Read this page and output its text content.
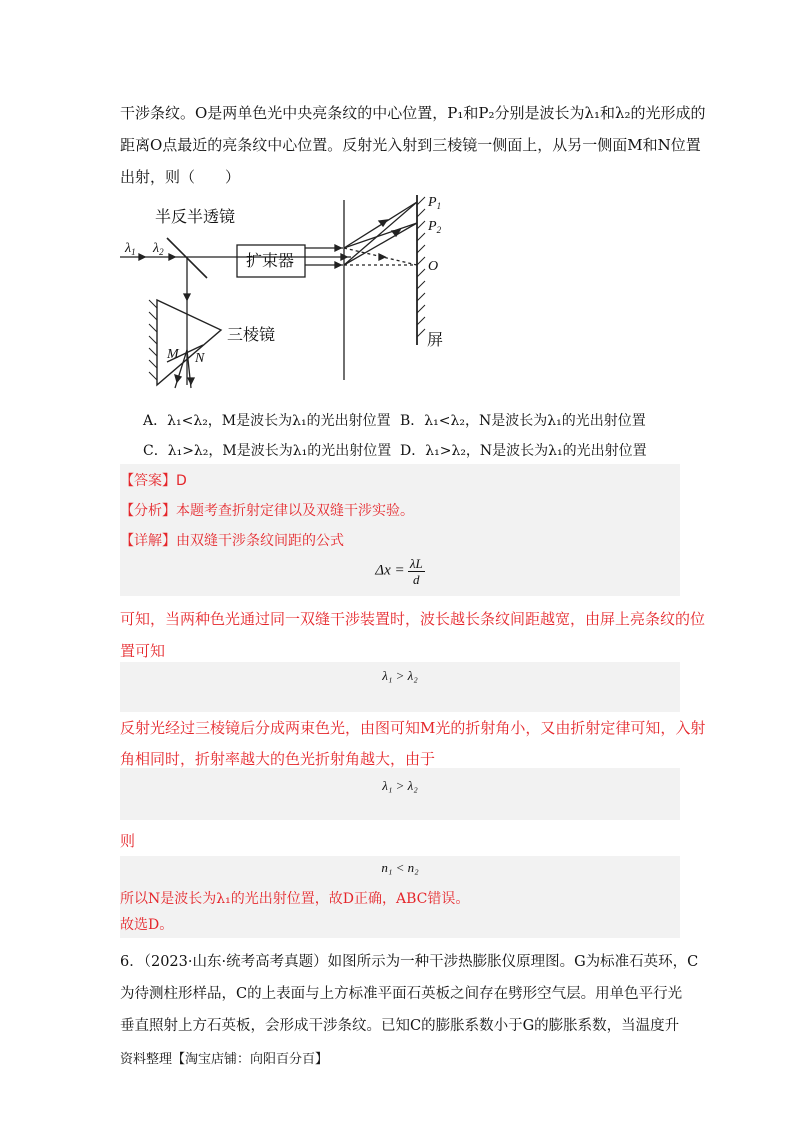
干涉条纹。O是两单色光中央亮条纹的中心位置，P₁和P₂分别是波长为λ₁和λ₂的光形成的
距离O点最近的亮条纹中心位置。反射光入射到三棱镜一侧面上，从另一侧面M和N位置
出射，则（　　）
$\lambda_1$ $\lambda_2$
半反半透镜
扩束器
三棱镜
M N
$P_1$
$P_2$
O
屏
A．λ₁<λ₂，M是波长为λ₁的光出射位置 B．λ₁<λ₂，N是波长为λ₁的光出射位置
C．λ₁>λ₂，M是波长为λ₁的光出射位置 D．λ₁>λ₂，N是波长为λ₁的光出射位置
【答案】D
【分析】本题考查折射定律以及双缝干涉实验。
【详解】由双缝干涉条纹间距的公式
$\Delta x = \frac{\lambda L}{d}$
可知，当两种色光通过同一双缝干涉装置时，波长越长条纹间距越宽，由屏上亮条纹的位
置可知
λ₁ > λ₂
反射光经过三棱镜后分成两束色光，由图可知M光的折射角小，又由折射定律可知，入射
角相同时，折射率越大的色光折射角越大，由于
λ₁ > λ₂
则
n₁ < n₂
所以N是波长为λ₁的光出射位置，故D正确，ABC错误。
故选D。
6．（2023·山东·统考高考真题）如图所示为一种干涉热膨胀仪原理图。G为标准石英环，C
为待测柱形样品，C的上表面与上方标准平面石英板之间存在劈形空气层。用单色平行光
垂直照射上方石英板，会形成干涉条纹。已知C的膨胀系数小于G的膨胀系数，当温度升
资料整理【淘宝店铺：向阳百分百】
